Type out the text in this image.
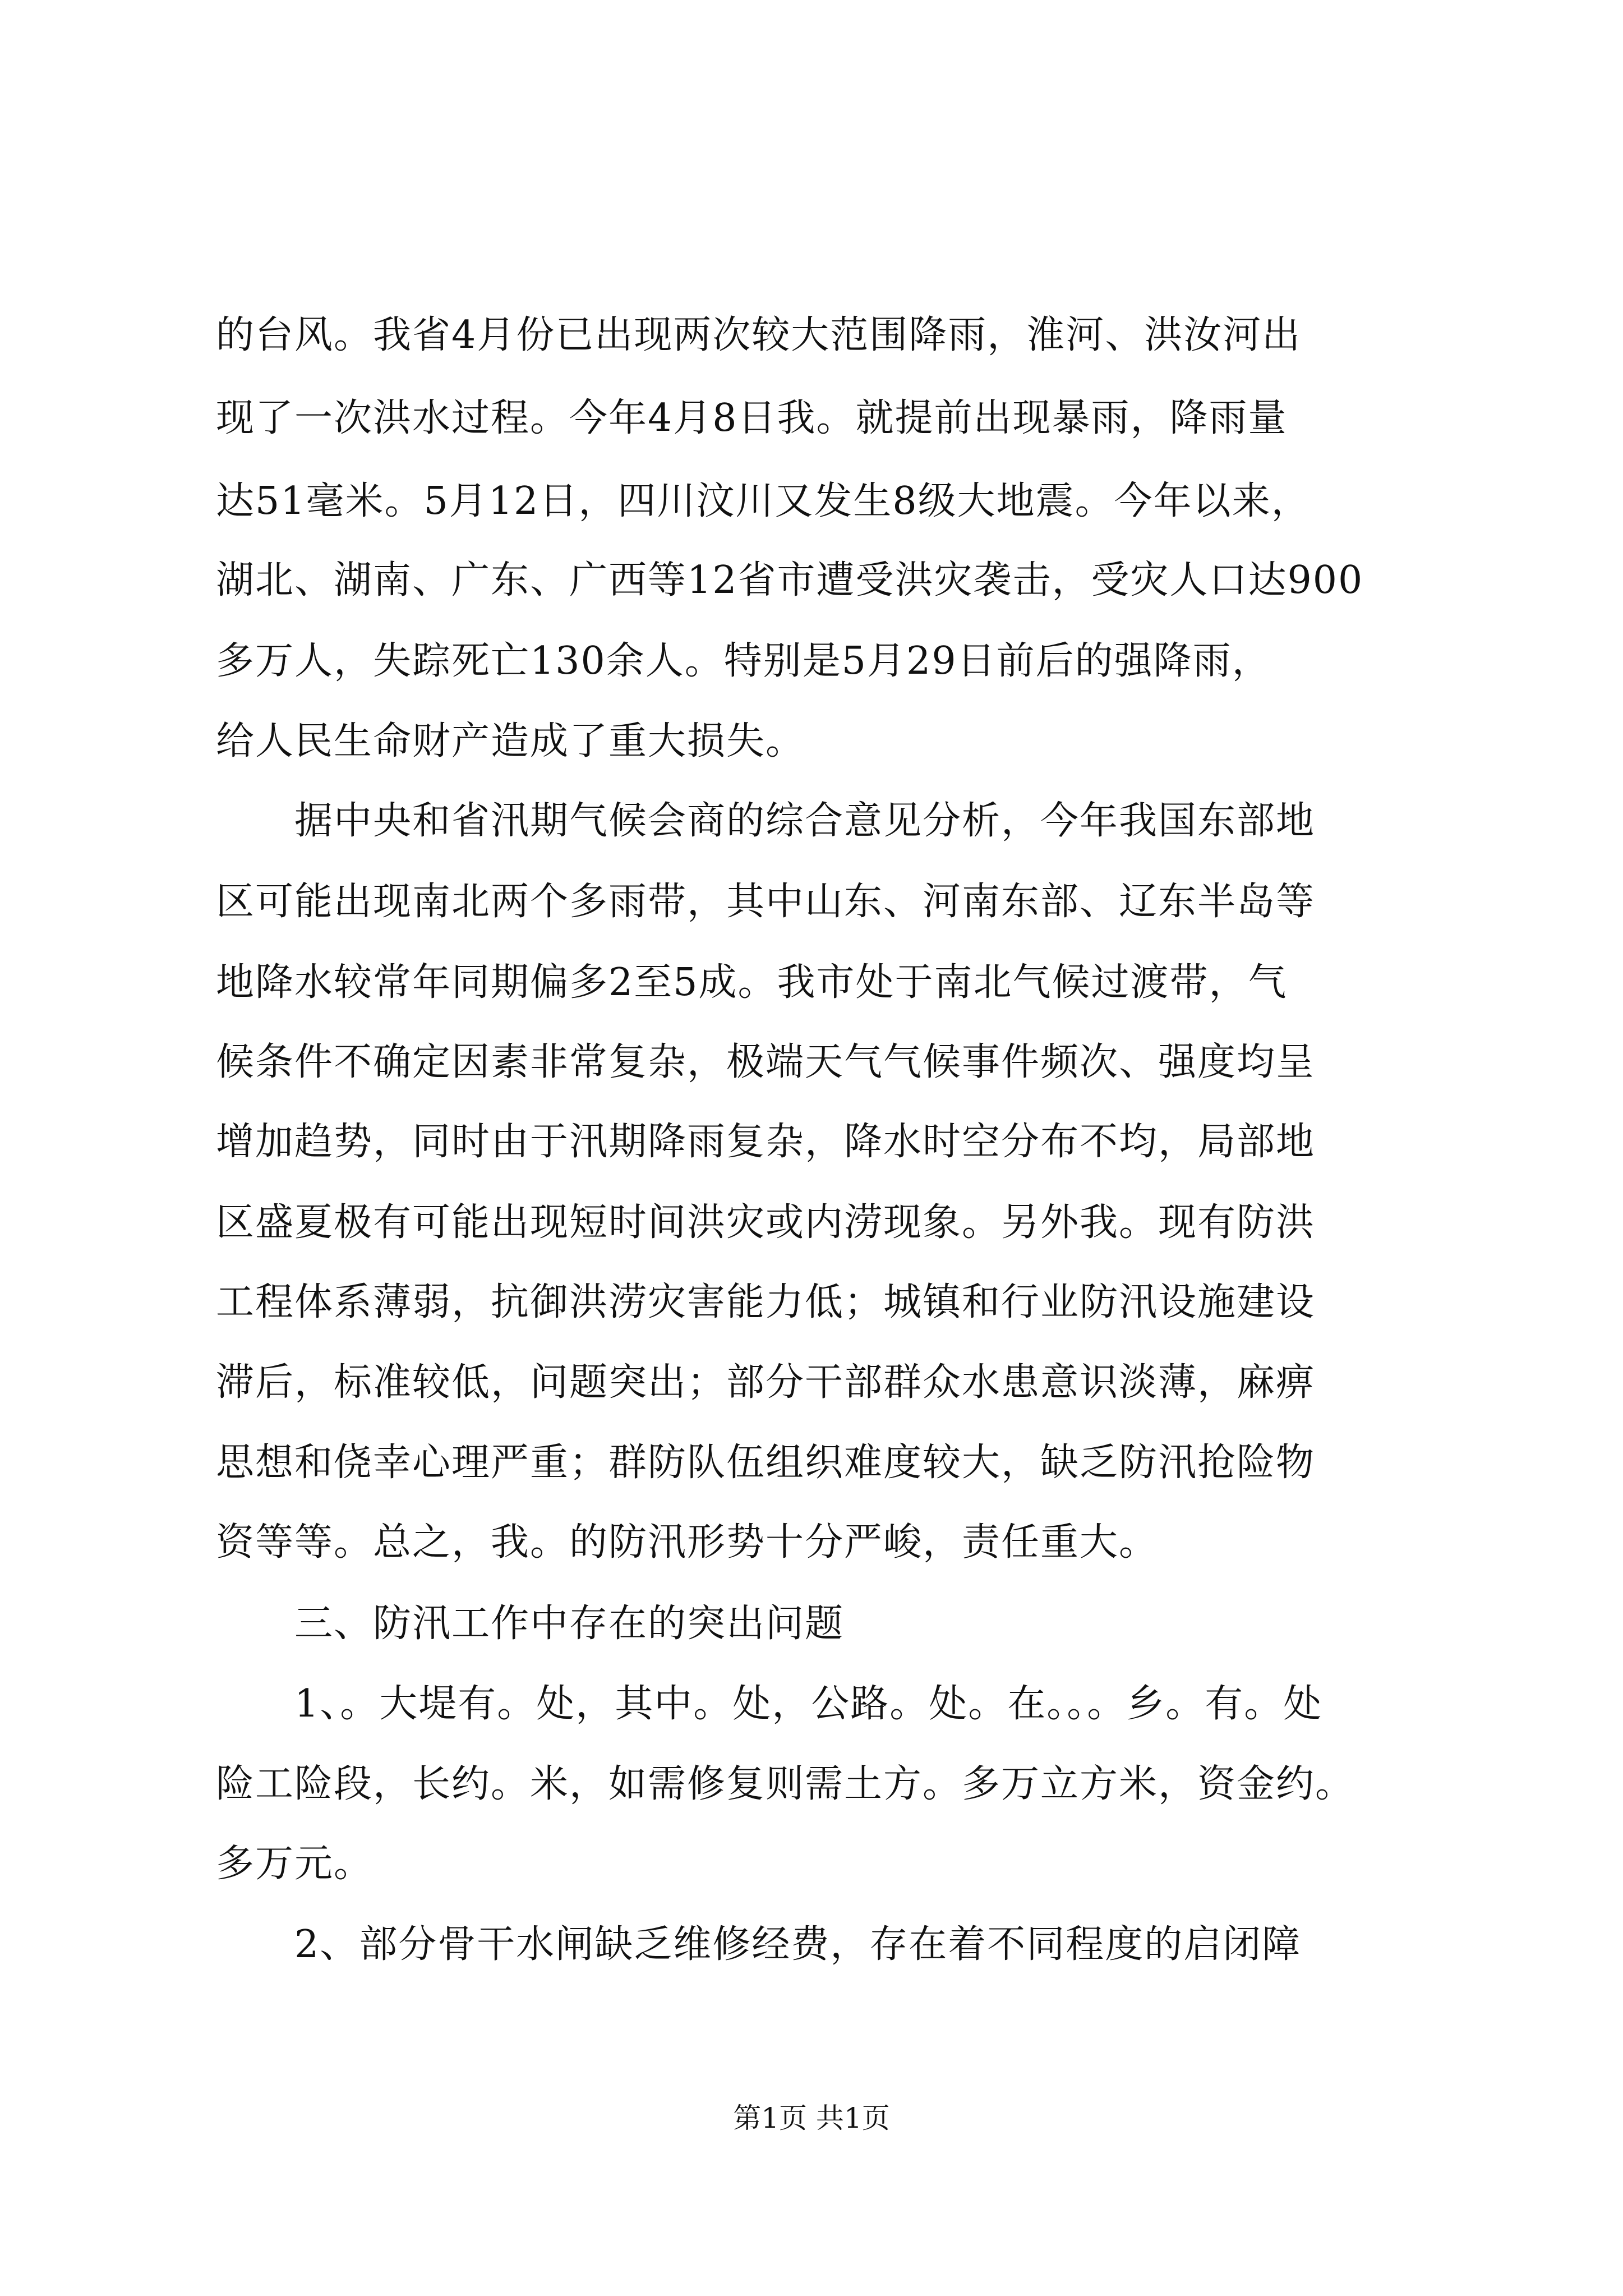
的台风。我省4月份已出现两次较大范围降雨，淮河、洪汝河出
现了一次洪水过程。今年4月8日我。就提前出现暴雨，降雨量
达51毫米。5月12日，四川汶川又发生8级大地震。今年以来，
湖北、湖南、广东、广西等12省市遭受洪灾袭击，受灾人口达900
多万人，失踪死亡130余人。特别是5月29日前后的强降雨，
给人民生命财产造成了重大损失。
据中央和省汛期气候会商的综合意见分析，今年我国东部地
区可能出现南北两个多雨带，其中山东、河南东部、辽东半岛等
地降水较常年同期偏多2至5成。我市处于南北气候过渡带，气
候条件不确定因素非常复杂，极端天气气候事件频次、强度均呈
增加趋势，同时由于汛期降雨复杂，降水时空分布不均，局部地
区盛夏极有可能出现短时间洪灾或内涝现象。另外我。现有防洪
工程体系薄弱，抗御洪涝灾害能力低；城镇和行业防汛设施建设
滞后，标准较低，问题突出；部分干部群众水患意识淡薄，麻痹
思想和侥幸心理严重；群防队伍组织难度较大，缺乏防汛抢险物
资等等。总之，我。的防汛形势十分严峻，责任重大。
三、防汛工作中存在的突出问题
1、。大堤有。处，其中。处，公路。处。在。。。乡。有。处
险工险段，长约。米，如需修复则需土方。多万立方米，资金约。
多万元。
2、部分骨干水闸缺乏维修经费，存在着不同程度的启闭障
第1页 共1页
